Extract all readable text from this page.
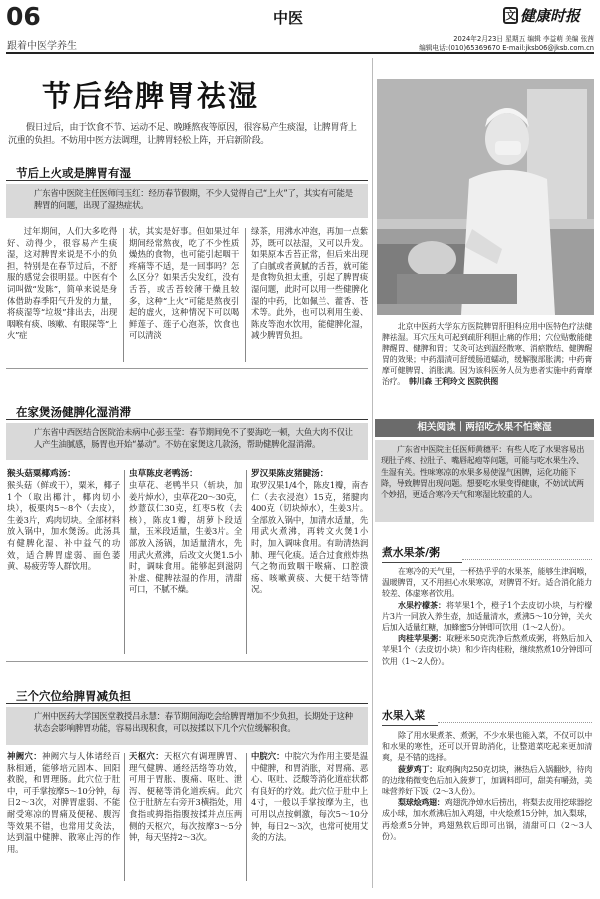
06	中医	文 健康时报
跟着中医学养生
2024年2月23日 星期五 编辑 李益萌 美编 张茜
编辑电话:(010)65369670 E-mail:jksb06@jksb.com.cn
节后给脾胃祛湿
假日过后，由于饮食不节、运动不足、晚睡熬夜等原因，很容易产生痰湿，让脾胃背上沉重的负担。不妨用中医方法调理，让脾胃轻松上阵，开启新阶段。
节后上火或是脾胃有湿
广东省中医院主任医师闫玉红：经历春节假期，不少人觉得自己“上火”了，其实有可能是脾胃的问题，出现了湿热症状。
过年期间，人们大多吃得好、动得少，很容易产生痰湿，这对脾胃来说是不小的负担，特别是在春节过后，不舒服的感觉会很明显。中医有个词叫做“发陈”，简单来说是身体借助春季阳气升发的力量，将痰湿等“垃圾”排出去，出现咽喉有痰、咳嗽、有眼屎等“上火”症
状，其实是好事。但如果过年期间经常熬夜，吃了不少性质燥热的食物，也可能引起咽干疼痛等不适，是一回事吗？怎么区分？如果舌尖发红，没有舌苔，或舌苔较薄干燥且较多，这种“上火”可能是熬夜引起的虚火，这种情况下可以喝鲜莲子、莲子心泡茶，饮食也可以清淡
绿茶，用沸水冲泡，再加一点紫苏，既可以祛湿，又可以升发。如果原本舌苔正常，但后来出现了白腻或者黄腻的舌苔，就可能是食物负担太重，引起了脾胃痰湿问题，此时可以用一些健脾化湿的中药，比如佩兰、藿香、苍术等。此外，也可以利用生姜、陈皮等泡水饮用，能健脾化湿，减少脾胃负担。
在家煲汤健脾化湿消滞
广东省中西医结合医院治未病中心彭玉莹：春节期间免不了要海吃一顿，大鱼大肉不仅让人产生油腻感，肠胃也开始“暴动”。不妨在家煲这几款汤，帮助健脾化湿消滞。
猴头菇粟椰鸡汤：
猴头菇（鲜或干），粟米，椰子1个（取出椰汁，椰肉切小块），板栗肉5～8个（去皮），生姜3片，鸡肉切块。全部材料放入锅中，加水煲汤。此汤具有健脾化湿、补中益气的功效，适合脾胃虚弱、面色萎黄、易疲劳等人群饮用。
虫草陈皮老鸭汤：
虫草花、老鸭半只（斩块，加姜片焯水），虫草花20～30克，炒薏苡仁30克，红枣5枚（去核），陈皮1瓣，胡萝卜段适量，玉米段适量，生姜3片。全部放入汤锅，加适量清水，先用武火煮沸，后改文火煲1.5小时，调味食用。能够起到滋阴补虚、健脾祛湿的作用，清甜可口，不腻不燥。
罗汉果陈皮猪腱汤：
取罗汉果1/4个，陈皮1瓣，南杏仁（去衣浸泡）15克，猪腱肉400克（切块焯水），生姜3片。全部放入锅中，加清水适量，先用武火煮沸，再转文火煲1小时，加入调味食用。有助清热润肺、理气化痰。适合过食煎炸热气之物而致咽干喉痛、口腔溃疡、咳嗽黄痰、大便干结等情况。
三个穴位给脾胃减负担
广州中医药大学国医堂教授吕永慧：春节期间海吃会给脾胃增加不少负担，长期处于这种状态会影响脾胃功能，容易出现积食，可以按揉以下几个穴位缓解积食。
神阙穴：神阙穴与人体诸经百脉相通，能够培元固本、回阳救脱，和胃理肠。此穴位于肚中，可手掌按摩5～10分钟，每日2～3次，对脾胃虚弱、不能耐受寒凉的胃痛及便秘、腹泻等效果不错，也常用艾灸法，达到温中健脾、散寒止泻的作用。
天枢穴：天枢穴有调理脾胃、理气健脾、通经活络等功效，可用于胃胀、腹痛、呕吐、泄泻、便秘等消化道疾病。此穴位于肚脐左右旁开3横指处，用食指或拇指指腹按揉并点压两侧的天枢穴，每次按摩3～5分钟，每天坚持2～3次。
中脘穴：中脘穴为作用主要是温中健脾，和胃消胀，对胃痛、恶心、呕吐、泛酸等消化道症状都有良好的疗效。此穴位于肚中上4寸，一般以手掌按摩为主，也可用以点按刺激，每次5～10分钟，每日2～3次，也常可使用艾灸的方法。
北京中医药大学东方医院脾胃肝胆科应用中医特色疗法健脾祛湿。耳穴压丸可起到疏肝利胆止痛的作用；穴位贴敷能健脾醒胃、健脾和胃；艾灸可达到温经散寒、消瘀散结、健脾醒胃的效果；中药溻渍可舒缓肠道蠕动，缓解腹部胀满；中药膏摩可健脾胃、消胀满。因为该科医务人员为患者实施中药膏摩治疗。 韩川森 王利玲文 医院供图
相关阅读｜两招吃水果不怕寒湿
广东省中医院主任医师黄穗平：有些人吃了水果容易出现肚子疼、拉肚子、嘴唇起疱等问题，可能与吃水果生冷、生湿有关。性味寒凉的水果多易使湿气困脾，运化功能下降，导致脾胃出现问题。想要吃水果变得健康，不妨试试两个妙招，更适合寒冷天气和寒湿比较重的人。
煮水果茶/粥
在寒冷的天气里，一杯热乎乎的水果茶，能够生津润喉，温暖脾胃，又不用担心水果寒凉，对脾胃不好。适合消化能力较差、体虚寒者饮用。
水果柠檬茶：将苹果1个，橙子1个去皮切小块，与柠檬片3片一同放入养生壶，加适量清水，煮沸5～10分钟，关火后加入适量红糖，加蜂蜜5分钟即可饮用（1～2人份）。
肉桂苹果粥：取粳米50克洗净后熬煮成粥，将熟后加入苹果1个（去皮切小块）和少许肉桂粉，继续熬煮10分钟即可饮用（1～2人份）。
水果入菜
除了用水果煮茶、煮粥，不少水果也能入菜，不仅可以中和水果的寒性，还可以开胃助消化，让整道菜吃起来更加清爽，是不错的选择。
菠萝鸡丁：取鸡胸肉250克切块，淋热后入锅翻炒，待肉的边缘稍微变色后加入菠萝丁，加调料即可，甜美有嚼劲，美味营养好下饭（2～3人份）。
梨球烩鸡翅：鸡翅洗净焯水后捞出，将梨去皮用挖球器挖成小球，加水煮沸后加入鸡翅，中火烩煮15分钟，加入梨球，再烩煮5分钟，鸡翅熟软后即可出锅，清甜可口（2～3人份）。
